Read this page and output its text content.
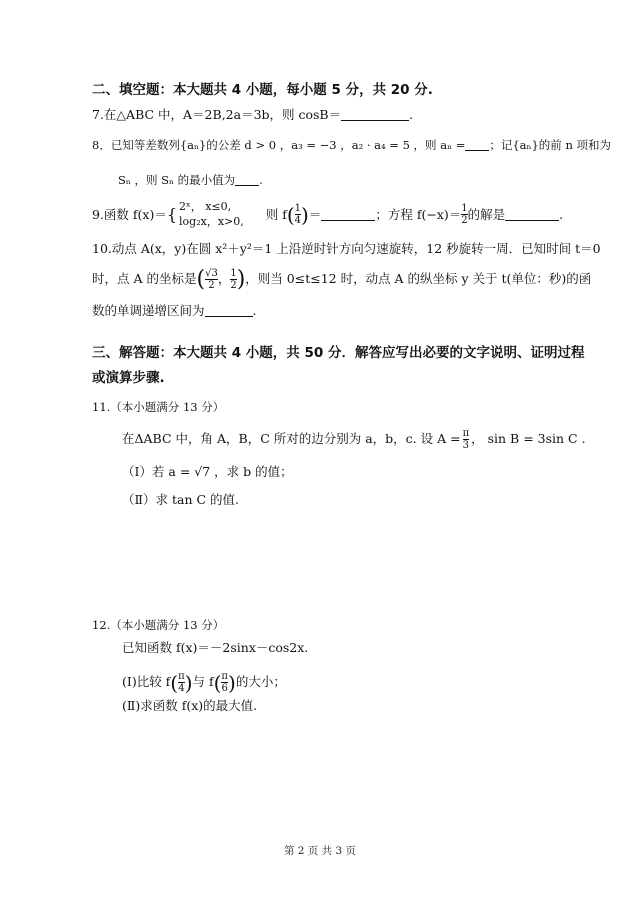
二、填空题：本大题共 4 小题，每小题 5 分，共 20 分.
7.在△ABC 中，A＝2B,2a＝3b，则 cosB＝	.
8．已知等差数列{aₙ}的公差 d > 0 ，a₃ = −3 ，a₂ · a₄ = 5 ，则 aₙ = ；记{aₙ}的前 n 项和为
Sₙ ，则 Sₙ 的最小值为 .
9.函数 f(x)＝ { 2ˣ， x≤0,
log₂x，x>0, 则 f ( $\frac{1}{4}$ ) ＝	；方程 $f(-x)= \frac{1}{2}$ 的解是	.
10.动点 A(x，y)在圆 x²＋y²＝1 上沿逆时针方向匀速旋转，12 秒旋转一周．已知时间 t＝0
时，点 A 的坐标是 ( $\frac{√3}{2}$ ， $\frac{1}{2}$ ) ，则当 0≤t≤12 时，动点 A 的纵坐标 y 关于 t(单位：秒)的函
数的单调递增区间为	.
三、解答题：本大题共 4 小题，共 50 分．解答应写出必要的文字说明、证明过程
或演算步骤.
11.（本小题满分 13 分）
在ΔABC 中，角 A，B，C 所对的边分别为 a，b，c. 设 $A = \frac{\pi}{3}$ ， sin B = 3sin C .
（Ⅰ）若 a = √7 ，求 b 的值；
（Ⅱ）求 tan C 的值.
12.（本小题满分 13 分）
已知函数 f(x)＝－2sinx－cos2x.
(Ⅰ)比较 f ( $\frac{\pi}{4}$ ) 与 f ( $\frac{\pi}{6}$ ) 的大小；
(Ⅱ)求函数 f(x)的最大值.
第 2 页 共 3 页
